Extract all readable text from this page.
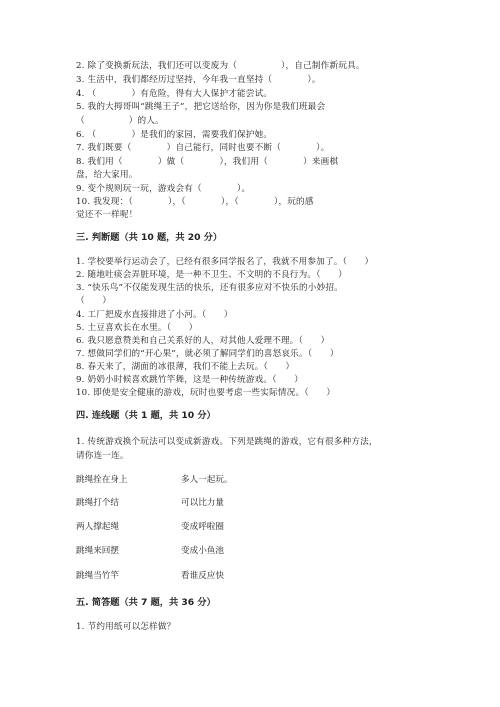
2. 除了变换新玩法，我们还可以变废为（　　　　　），自己制作新玩具。
3. 生活中，我们都经历过坚持，今年我一直坚持（　　　　）。
4. （　　　　）有危险，得有大人保护才能尝试。
5. 我的大拇哥叫“跳绳王子”，把它送给你，因为你是我们班最会
（　　　　　）的人。
6. （　　　　）是我们的家园，需要我们保护她。
7. 我们既要（　　　　）自己能行，同时也要不断（　　　　）。
8. 我们用（　　　　）做（　　　　），我们用（　　　　）来画棋
盘，给大家用。
9. 变个规则玩一玩，游戏会有（　　　　）。
10. 我发现：（　　　　），（　　　　），（　　　　），玩的感
觉还不一样呢！
三. 判断题（共 10 题，共 20 分）
1. 学校要举行运动会了，已经有很多同学报名了，我就不用参加了。（　　）
2. 随地吐痰会弄脏环境，是一种不卫生、不文明的不良行为。（　　）
3. “快乐鸟”不仅能发现生活的快乐，还有很多应对不快乐的小妙招。
（　　）
4. 工厂把废水直接排进了小河。（　　）
5. 土豆喜欢长在水里。（　　）
6. 我只愿意赞美和自己关系好的人，对其他人爱理不理。（　　）
7. 想做同学们的“开心果”，就必须了解同学们的喜怒哀乐。（　　）
8. 春天来了，湖面的冰很薄，我们不能上去玩。（　　）
9. 奶奶小时候喜欢跳竹竿舞，这是一种传统游戏。（　　）
10. 即使是安全健康的游戏，玩时也要考虑一些实际情况。（　　）
四. 连线题（共 1 题，共 10 分）
1. 传统游戏换个玩法可以变成新游戏。下列是跳绳的游戏，它有很多种方法，
请你连一连。
跳绳拴在身上	多人一起玩。
跳绳打个结	可以比力量
两人撑起绳	变成呼啦圈
跳绳来回摆	变成小鱼池
跳绳当竹竿	看谁反应快
五. 简答题（共 7 题，共 36 分）
1. 节约用纸可以怎样做？
